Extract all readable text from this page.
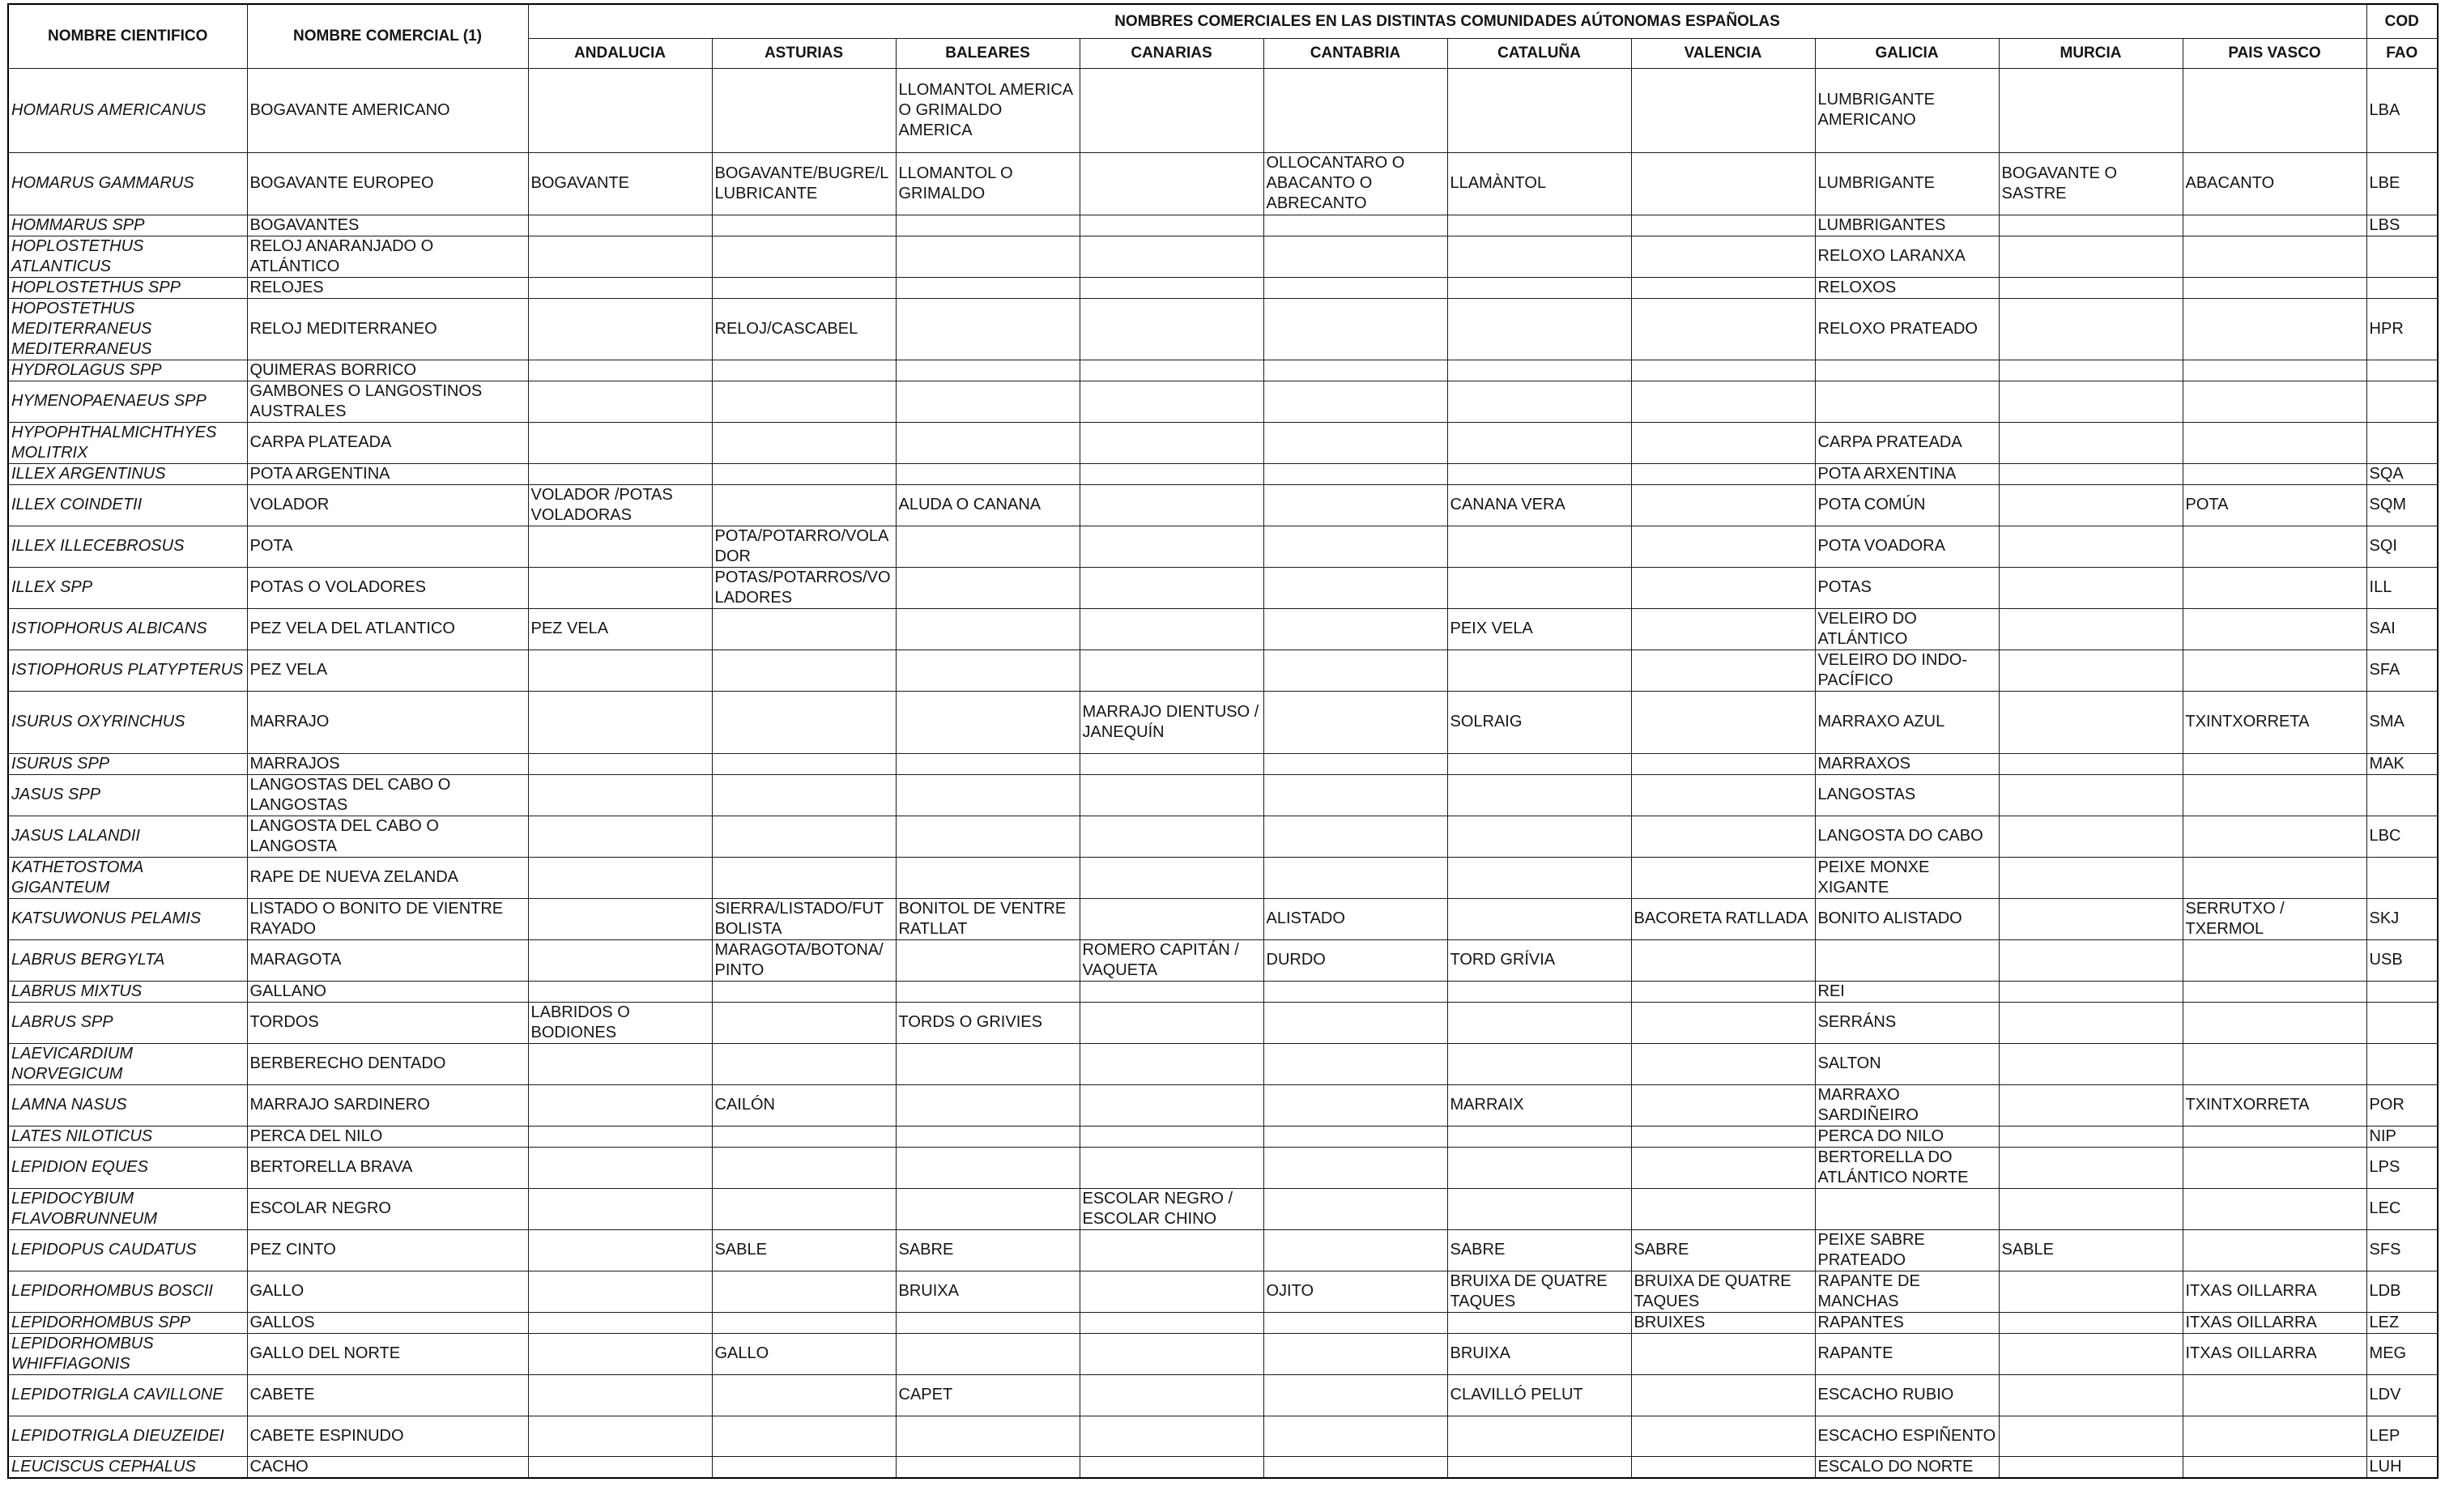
NOMBRE CIENTIFICO	NOMBRE COMERCIAL (1)	NOMBRES COMERCIALES EN LAS DISTINTAS COMUNIDADES AÚTONOMAS ESPAÑOLAS										COD
		ANDALUCIA	ASTURIAS	BALEARES	CANARIAS	CANTABRIA	CATALUÑA	VALENCIA	GALICIA	MURCIA	PAIS VASCO	FAO
HOMARUS AMERICANUS	BOGAVANTE AMERICANO			LLOMANTOL AMERICA O GRIMALDO AMERICA					LUMBRIGANTE AMERICANO			LBA
HOMARUS GAMMARUS	BOGAVANTE EUROPEO	BOGAVANTE	BOGAVANTE/BUGRE/LLUBRICANTE	LLOMANTOL O GRIMALDO		OLLOCANTARO O ABACANTO O ABRECANTO	LLAMÀNTOL		LUMBRIGANTE	BOGAVANTE O SASTRE	ABACANTO	LBE
HOMMARUS SPP	BOGAVANTES								LUMBRIGANTES			LBS
HOPLOSTETHUS ATLANTICUS	RELOJ ANARANJADO O ATLÁNTICO								RELOXO LARANXA			
HOPLOSTETHUS SPP	RELOJES								RELOXOS			
HOPOSTETHUS MEDITERRANEUS MEDITERRANEUS	RELOJ MEDITERRANEO		RELOJ/CASCABEL						RELOXO PRATEADO			HPR
HYDROLAGUS SPP	QUIMERAS BORRICO											
HYMENOPAENAEUS SPP	GAMBONES O LANGOSTINOS AUSTRALES											
HYPOPHTHALMICHTHYES MOLITRIX	CARPA PLATEADA								CARPA PRATEADA			
ILLEX ARGENTINUS	POTA ARGENTINA								POTA ARXENTINA			SQA
ILLEX COINDETII	VOLADOR	VOLADOR /POTAS VOLADORAS		ALUDA O CANANA			CANANA VERA		POTA COMÚN		POTA	SQM
ILLEX ILLECEBROSUS	POTA		POTA/POTARRO/VOLADOR						POTA VOADORA			SQI
ILLEX SPP	POTAS O VOLADORES		POTAS/POTARROS/VOLADORES						POTAS			ILL
ISTIOPHORUS ALBICANS	PEZ VELA DEL ATLANTICO	PEZ VELA					PEIX VELA		VELEIRO DO ATLÁNTICO			SAI
ISTIOPHORUS PLATYPTERUS	PEZ VELA								VELEIRO DO INDO-PACÍFICO			SFA
ISURUS OXYRINCHUS	MARRAJO				MARRAJO DIENTUSO / JANEQUÍN		SOLRAIG		MARRAXO AZUL		TXINTXORRETA	SMA
ISURUS SPP	MARRAJOS								MARRAXOS			MAK
JASUS SPP	LANGOSTAS DEL CABO O LANGOSTAS								LANGOSTAS			
JASUS LALANDII	LANGOSTA DEL CABO O LANGOSTA								LANGOSTA DO CABO			LBC
KATHETOSTOMA GIGANTEUM	RAPE DE NUEVA ZELANDA								PEIXE MONXE XIGANTE			
KATSUWONUS PELAMIS	LISTADO O BONITO DE VIENTRE RAYADO		SIERRA/LISTADO/FUTBOLISTA	BONITOL DE VENTRE RATLLAT		ALISTADO		BACORETA RATLLADA	BONITO ALISTADO		SERRUTXO / TXERMOL	SKJ
LABRUS BERGYLTA	MARAGOTA		MARAGOTA/BOTONA/PINTO		ROMERO CAPITÁN / VAQUETA	DURDO	TORD GRÍVIA					USB
LABRUS MIXTUS	GALLANO								REI			
LABRUS SPP	TORDOS	LABRIDOS O BODIONES		TORDS O GRIVIES					SERRÁNS			
LAEVICARDIUM NORVEGICUM	BERBERECHO DENTADO								SALTON			
LAMNA NASUS	MARRAJO SARDINERO		CAILÓN				MARRAIX		MARRAXO SARDIÑEIRO		TXINTXORRETA	POR
LATES NILOTICUS	PERCA DEL NILO								PERCA DO NILO			NIP
LEPIDION EQUES	BERTORELLA BRAVA								BERTORELLA DO ATLÁNTICO NORTE			LPS
LEPIDOCYBIUM FLAVOBRUNNEUM	ESCOLAR NEGRO				ESCOLAR NEGRO / ESCOLAR CHINO							LEC
LEPIDOPUS CAUDATUS	PEZ CINTO		SABLE	SABRE			SABRE	SABRE	PEIXE SABRE PRATEADO	SABLE		SFS
LEPIDORHOMBUS BOSCII	GALLO			BRUIXA		OJITO	BRUIXA DE QUATRE TAQUES	BRUIXA DE QUATRE TAQUES	RAPANTE DE MANCHAS		ITXAS OILLARRA	LDB
LEPIDORHOMBUS SPP	GALLOS							BRUIXES	RAPANTES		ITXAS OILLARRA	LEZ
LEPIDORHOMBUS WHIFFIAGONIS	GALLO DEL NORTE		GALLO				BRUIXA		RAPANTE		ITXAS OILLARRA	MEG
LEPIDOTRIGLA CAVILLONE	CABETE			CAPET			CLAVILLÓ PELUT		ESCACHO RUBIO			LDV
LEPIDOTRIGLA DIEUZEIDEI	CABETE ESPINUDO								ESCACHO ESPIÑENTO			LEP
LEUCISCUS CEPHALUS	CACHO								ESCALO DO NORTE			LUH
